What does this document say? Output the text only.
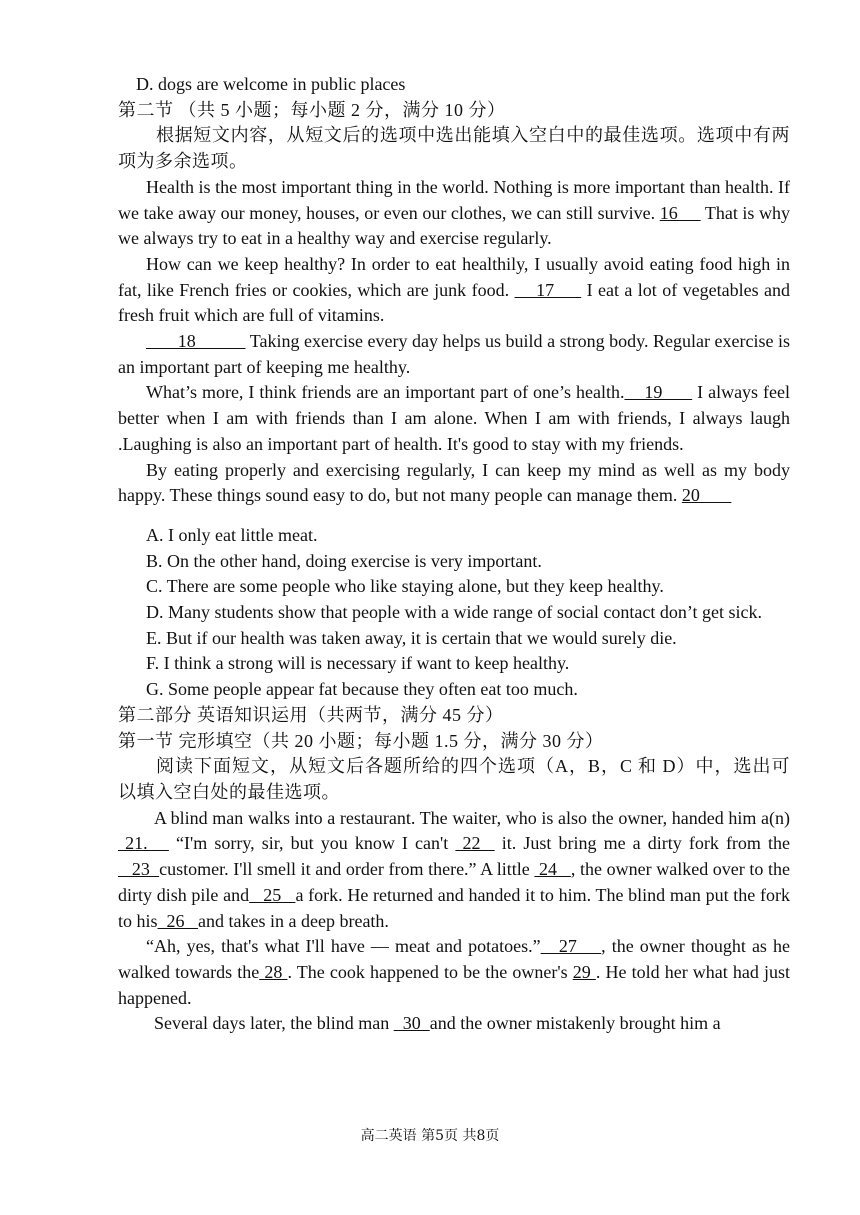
D. dogs are welcome in public places

第二节 （共 5 小题；每小题 2 分，满分 10 分）

根据短文内容，从短文后的选项中选出能填入空白中的最佳选项。选项中有两项为多余选项。

Health is the most important thing in the world. Nothing is more important than health. If we take away our money, houses, or even our clothes, we can still survive. 16      That is why we always try to eat in a healthy way and exercise regularly.

How can we keep healthy? In order to eat healthily, I usually avoid eating food high in fat, like French fries or cookies, which are junk food.     17      I eat a lot of vegetables and fresh fruit which are full of vitamins.

18            Taking exercise every day helps us build a strong body. Regular exercise is an important part of keeping me healthy.

What’s more, I think friends are an important part of one’s health.    19       I always feel better when I am with friends than I am alone. When I am with friends, I always laugh .Laughing is also an important part of health. It's good to stay with my friends.

By eating properly and exercising regularly, I can keep my mind as well as my body happy. These things sound easy to do, but not many people can manage them. 20

A. I only eat little meat.

B. On the other hand, doing exercise is very important.

C. There are some people who like staying alone, but they keep healthy.

D. Many students show that people with a wide range of social contact don’t get sick.

E. But if our health was taken away, it is certain that we would surely die.

F. I think a strong will is necessary if want to keep healthy.

G. Some people appear fat because they often eat too much.

第二部分 英语知识运用（共两节，满分 45 分）

第一节 完形填空（共 20 小题；每小题 1.5 分，满分 30 分）

阅读下面短文，从短文后各题所给的四个选项（A，B，C 和 D）中，选出可以填入空白处的最佳选项。

A blind man walks into a restaurant. The waiter, who is also the owner, handed him a(n)  21.    “I'm sorry, sir, but you know I can't  22   it. Just bring me a dirty fork from the    23  customer. I'll smell it and order from there.” A little  24   , the owner walked over to the dirty dish pile and   25   a fork. He returned and handed it to him. The blind man put the fork to his  26   and takes in a deep breath.

“Ah, yes, that's what I'll have — meat and potatoes.”   27    , the owner thought as he walked towards the 28 . The cook happened to be the owner's 29 . He told her what had just happened.

Several days later, the blind man   30  and the owner mistakenly brought him a

高二英语 第5页 共8页
